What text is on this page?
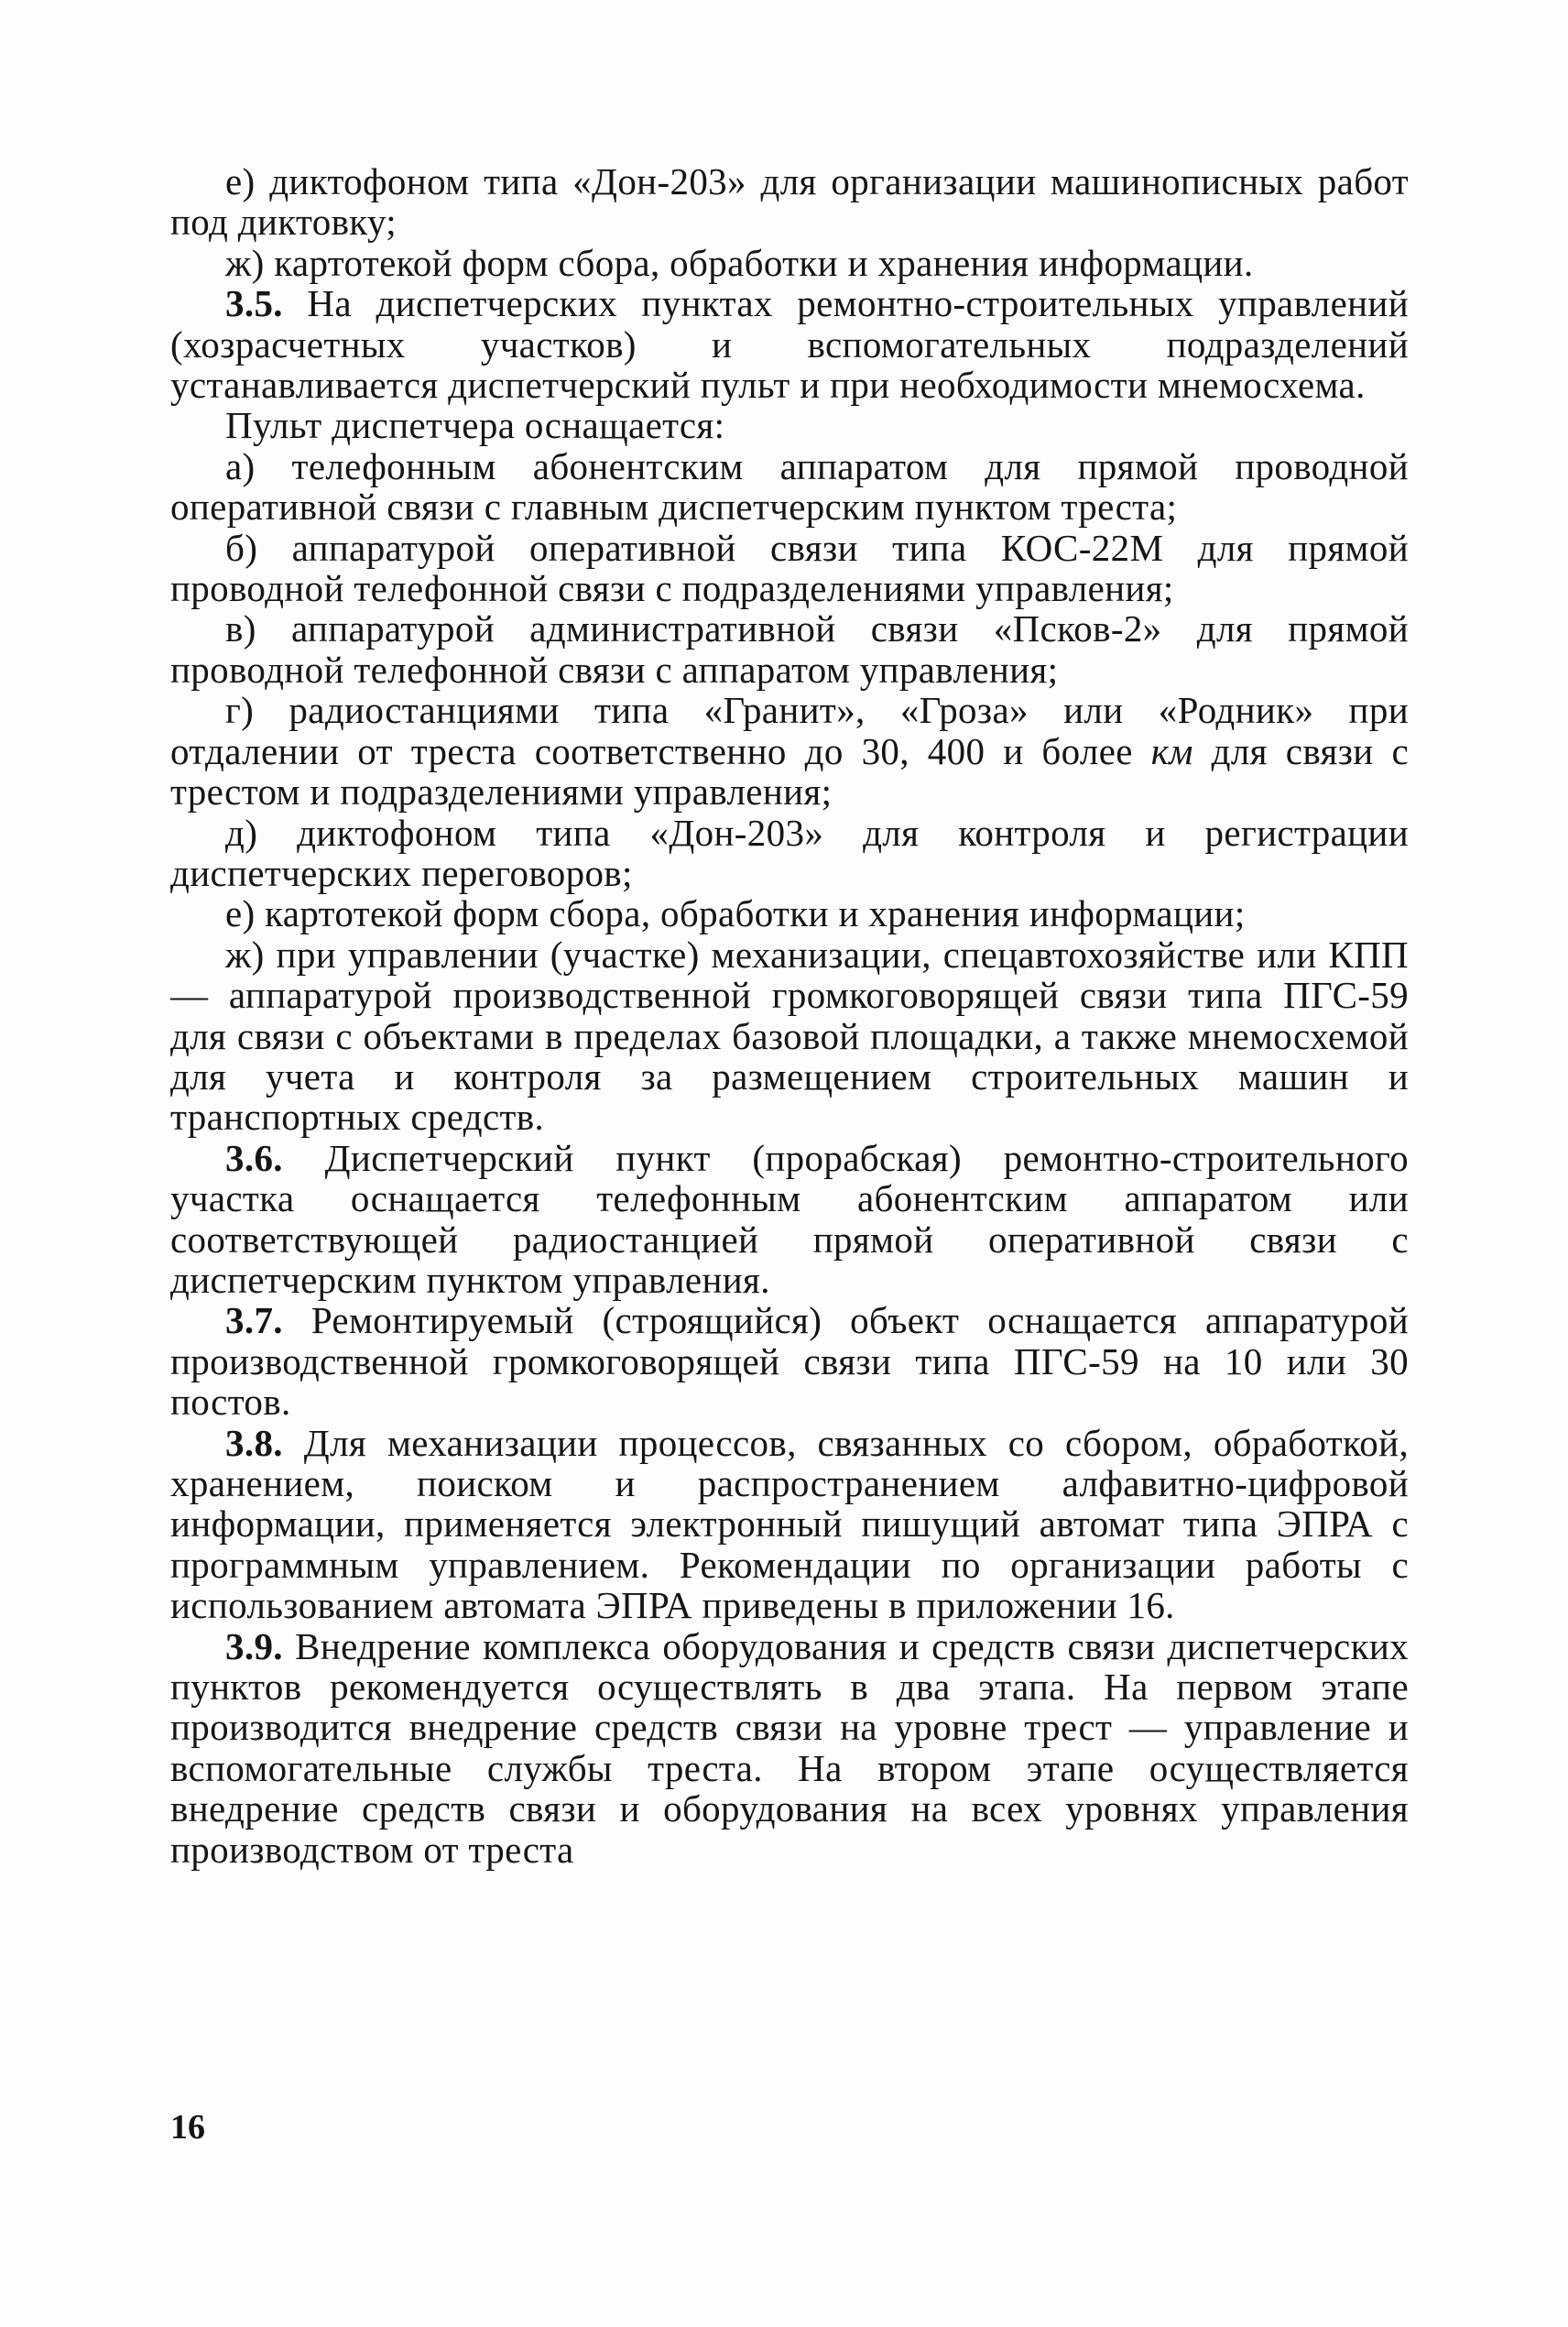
е) диктофоном типа «Дон-203» для организации машинописных работ под диктовку;

ж) картотекой форм сбора, обработки и хранения информации.

3.5. На диспетчерских пунктах ремонтно-строительных управлений (хозрасчетных участков) и вспомогательных подразделений устанавливается диспетчерский пульт и при необходимости мнемосхема.

Пульт диспетчера оснащается:

а) телефонным абонентским аппаратом для прямой проводной оперативной связи с главным диспетчерским пунктом треста;

б) аппаратурой оперативной связи типа КОС-22М для прямой проводной телефонной связи с подразделениями управления;

в) аппаратурой административной связи «Псков-2» для прямой проводной телефонной связи с аппаратом управления;

г) радиостанциями типа «Гранит», «Гроза» или «Родник» при отдалении от треста соответственно до 30, 400 и более км для связи с трестом и подразделениями управления;

д) диктофоном типа «Дон-203» для контроля и регистрации диспетчерских переговоров;

е) картотекой форм сбора, обработки и хранения информации;

ж) при управлении (участке) механизации, спецавтохозяйстве или КПП — аппаратурой производственной громкоговорящей связи типа ПГС-59 для связи с объектами в пределах базовой площадки, а также мнемосхемой для учета и контроля за размещением строительных машин и транспортных средств.

3.6. Диспетчерский пункт (прорабская) ремонтно-строительного участка оснащается телефонным абонентским аппаратом или соответствующей радиостанцией прямой оперативной связи с диспетчерским пунктом управления.

3.7. Ремонтируемый (строящийся) объект оснащается аппаратурой производственной громкоговорящей связи типа ПГС-59 на 10 или 30 постов.

3.8. Для механизации процессов, связанных со сбором, обработкой, хранением, поиском и распространением алфавитно-цифровой информации, применяется электронный пишущий автомат типа ЭПРА с программным управлением. Рекомендации по организации работы с использованием автомата ЭПРА приведены в приложении 16.

3.9. Внедрение комплекса оборудования и средств связи диспетчерских пунктов рекомендуется осуществлять в два этапа. На первом этапе производится внедрение средств связи на уровне трест — управление и вспомогательные службы треста. На втором этапе осуществляется внедрение средств связи и оборудования на всех уровнях управления производством от треста

16
